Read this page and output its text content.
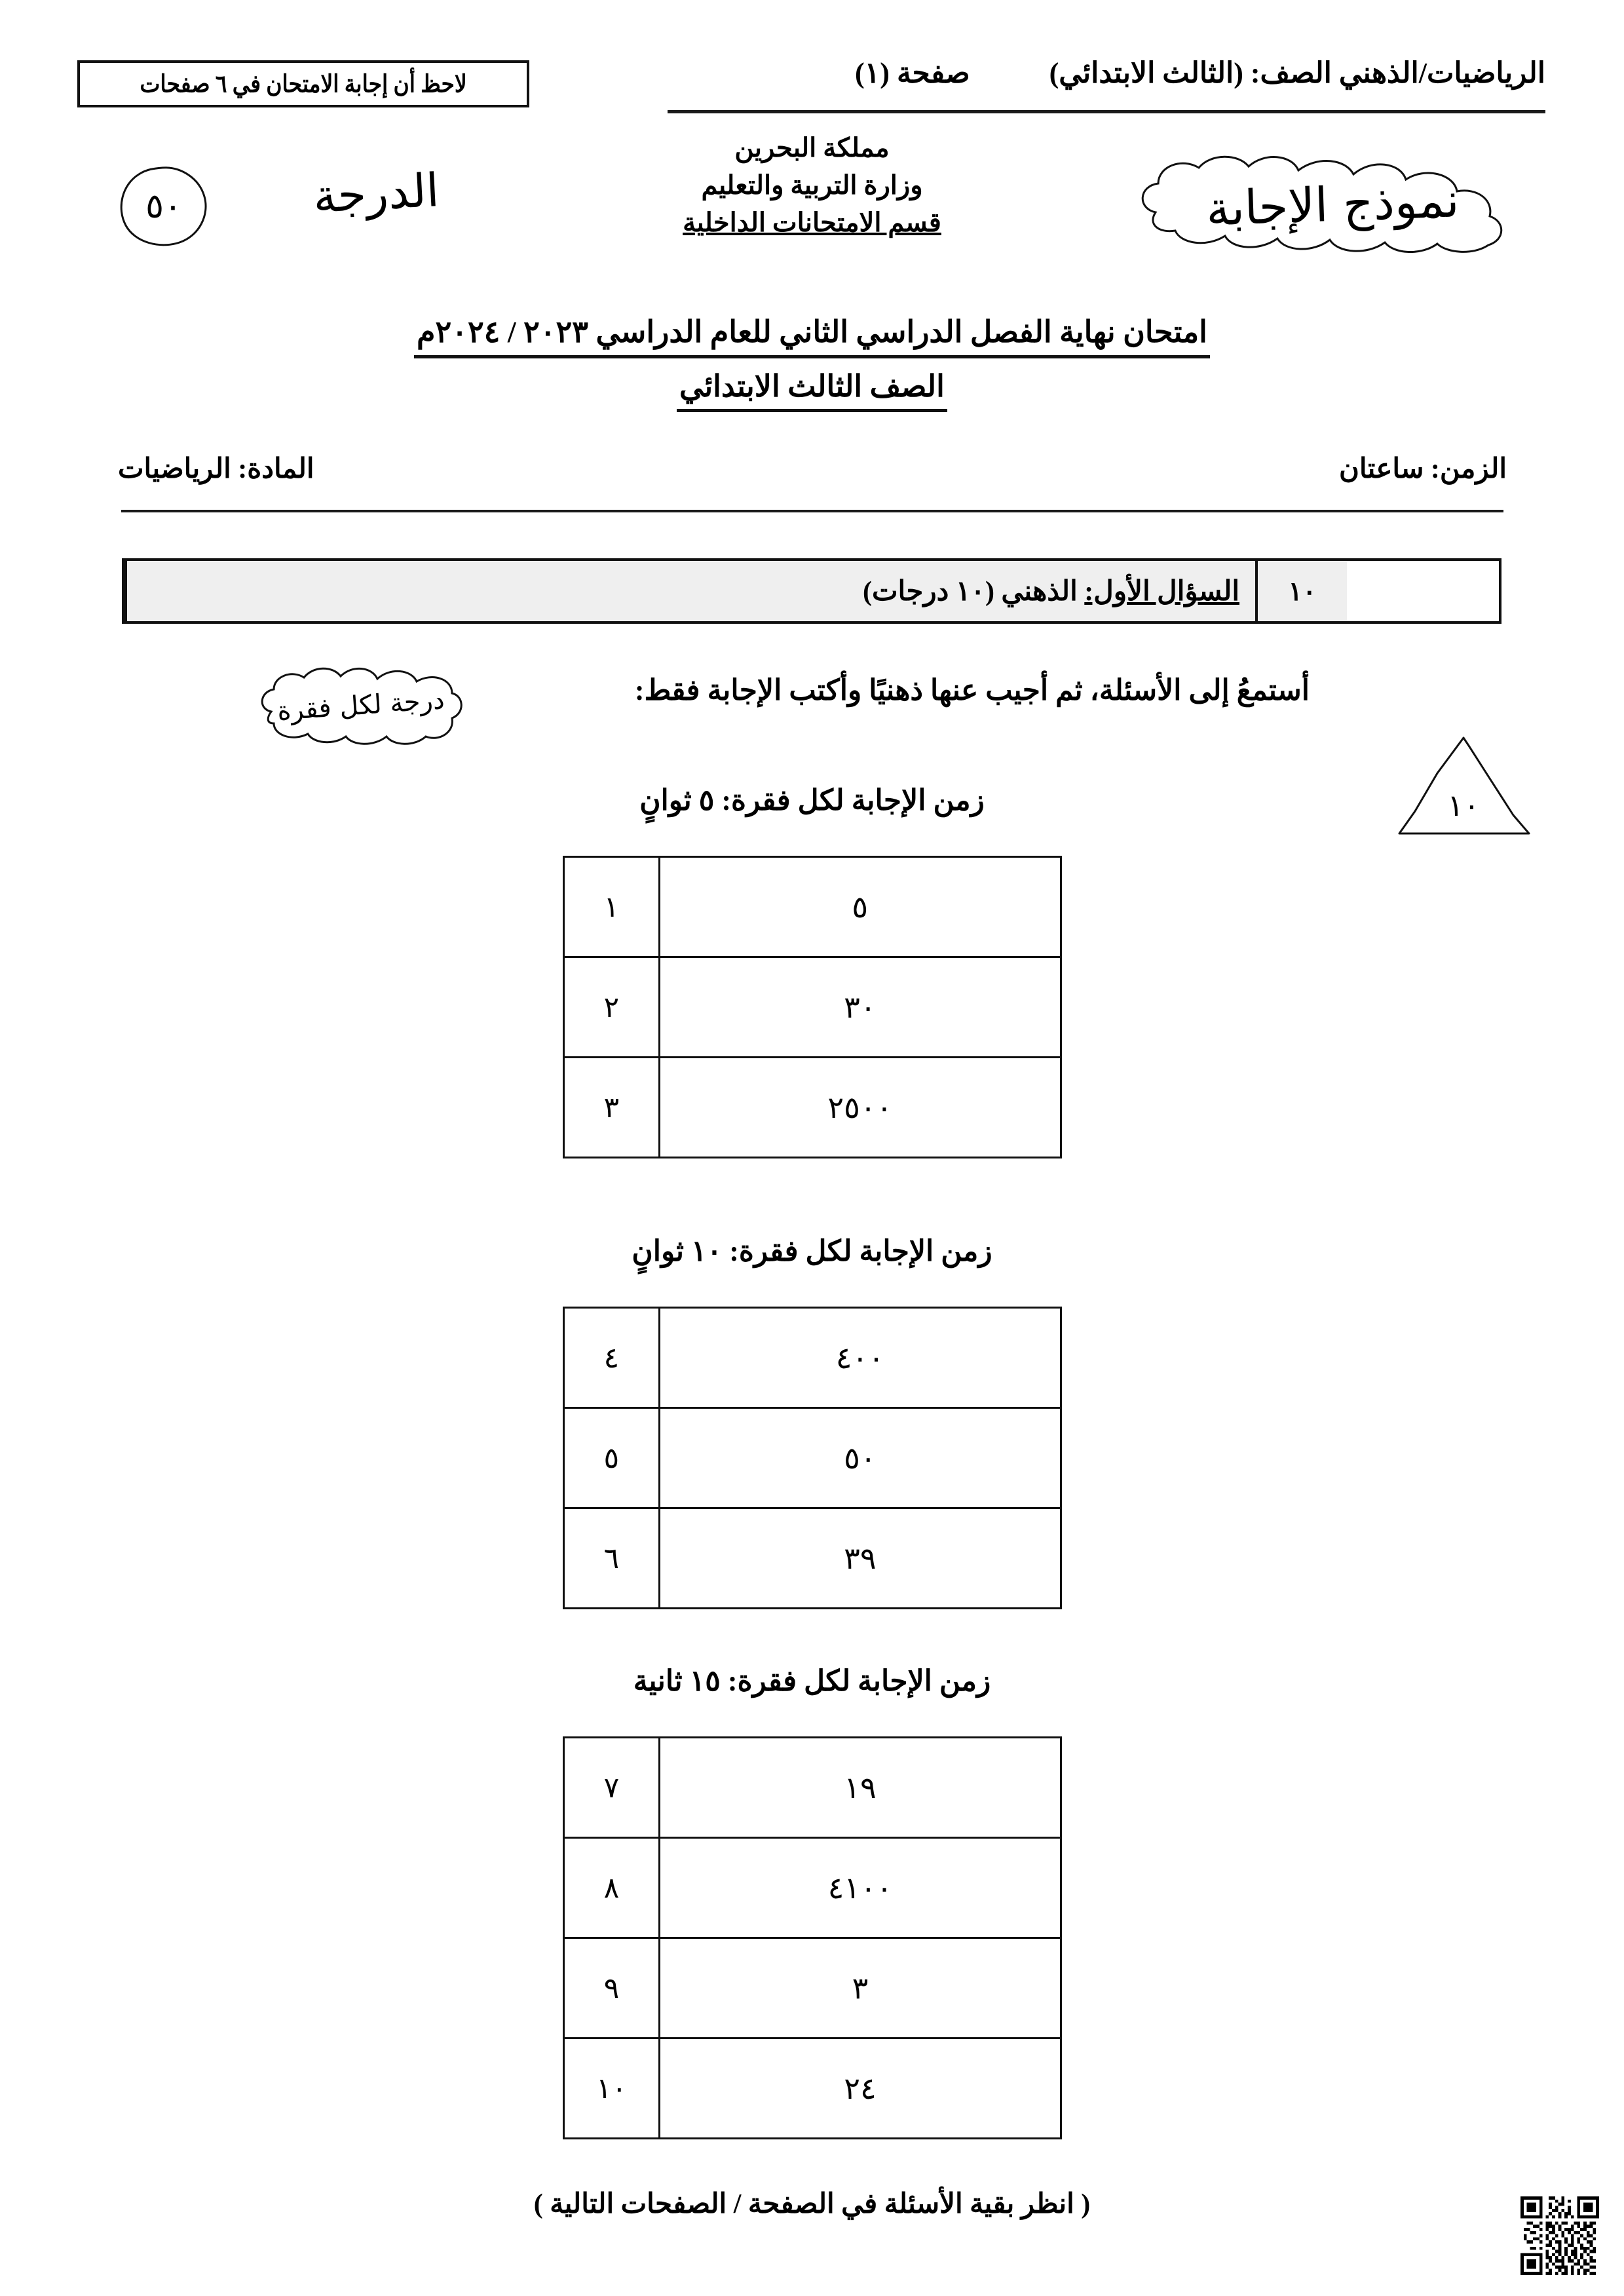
الرياضيات/الذهني الصف: (الثالث الابتدائي) صفحة (١)
لاحظ أن إجابة الامتحان في ٦ صفحات
مملكة البحرين
وزارة التربية والتعليم
قسم الامتحانات الداخلية	نموذج الإجابة
الدرجة
٥٠
امتحان نهاية الفصل الدراسي الثاني للعام الدراسي ٢٠٢٣ / ٢٠٢٤م
الصف الثالث الابتدائي
الزمن: ساعتان
المادة: الرياضيات
١٠
السؤال الأول: الذهني (١٠ درجات)
أستمعُ إلى الأسئلة، ثم أجيب عنها ذهنيًا وأكتب الإجابة فقط:
درجة لكل فقرة
١٠
زمن الإجابة لكل فقرة: ٥ ثوانٍ
٥	١
٣٠	٢
٢٥٠٠	٣
زمن الإجابة لكل فقرة: ١٠ ثوانٍ
٤٠٠	٤
٥٠	٥
٣٩	٦
زمن الإجابة لكل فقرة: ١٥ ثانية
١٩	٧
٤١٠٠	٨
٣	٩
٢٤	١٠
( انظر بقية الأسئلة في الصفحة / الصفحات التالية )
